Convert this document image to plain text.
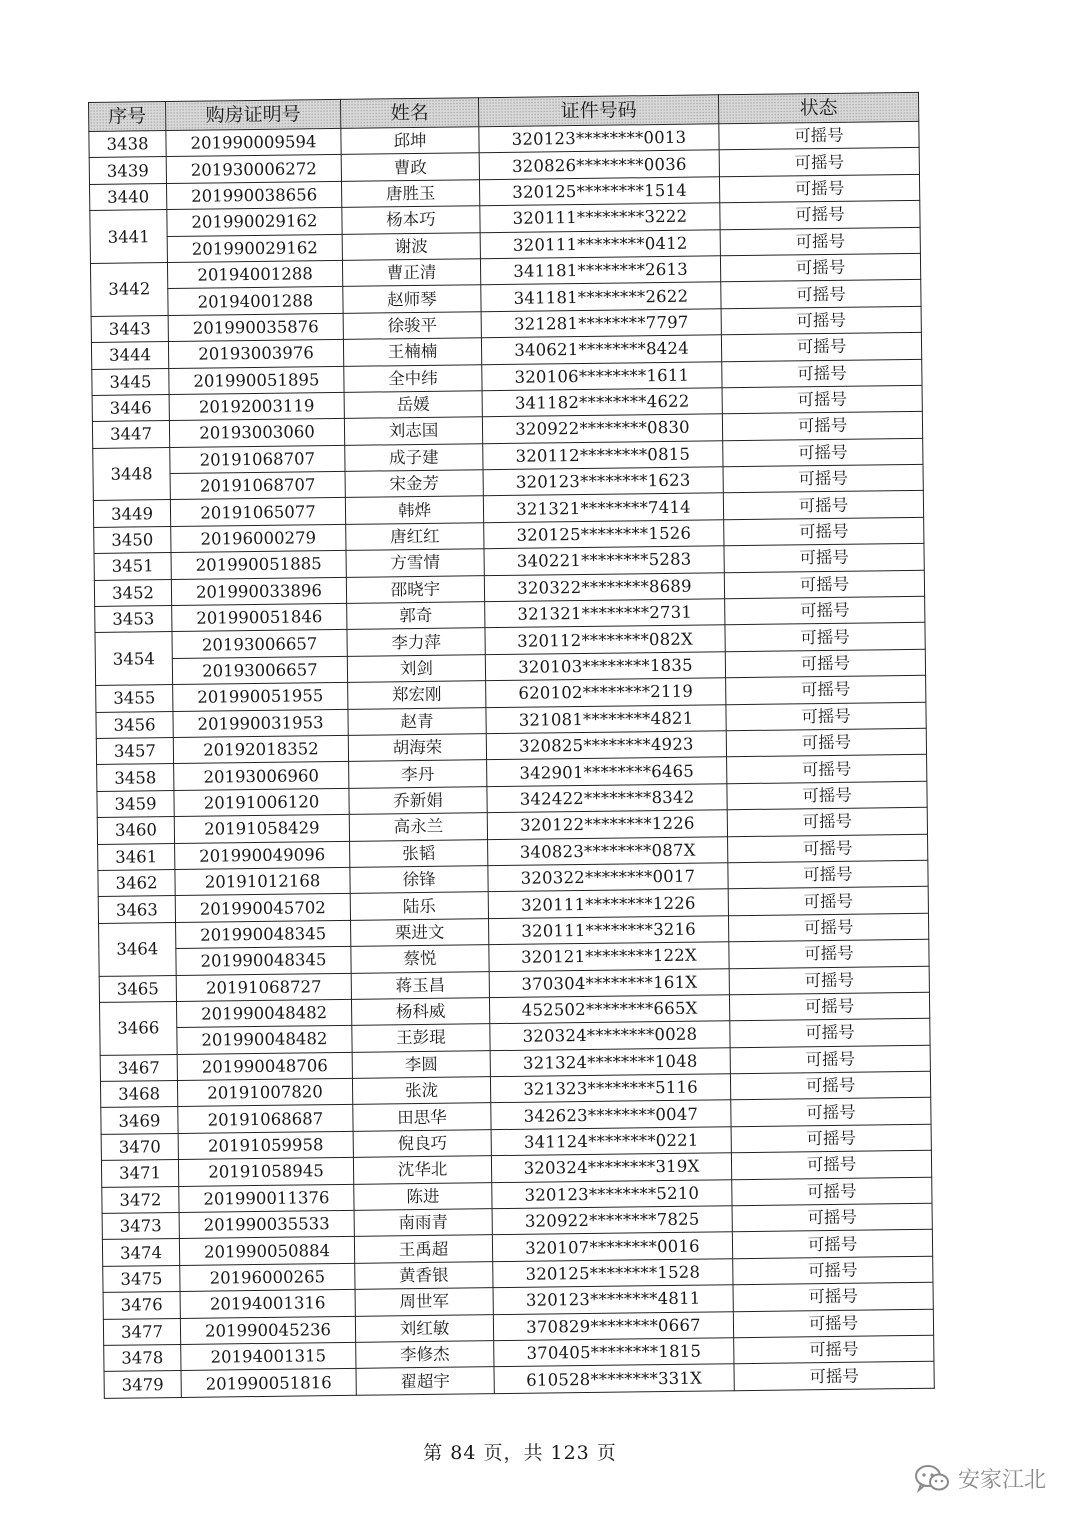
序号	购房证明号	姓名	证件号码	状态
3438	201990009594	邱坤	320123********0013	可摇号
3439	201930006272	曹政	320826********0036	可摇号
3440	201990038656	唐胜玉	320125********1514	可摇号
3441	201990029162	杨本巧	320111********3222	可摇号
	201990029162	谢波	320111********0412	可摇号
3442	20194001288	曹正清	341181********2613	可摇号
	20194001288	赵师琴	341181********2622	可摇号
3443	201990035876	徐骏平	321281********7797	可摇号
3444	20193003976	王楠楠	340621********8424	可摇号
3445	201990051895	全中纬	320106********1611	可摇号
3446	20192003119	岳媛	341182********4622	可摇号
3447	20193003060	刘志国	320922********0830	可摇号
3448	20191068707	成子建	320112********0815	可摇号
	20191068707	宋金芳	320123********1623	可摇号
3449	20191065077	韩烨	321321********7414	可摇号
3450	20196000279	唐红红	320125********1526	可摇号
3451	201990051885	方雪情	340221********5283	可摇号
3452	201990033896	邵晓宇	320322********8689	可摇号
3453	201990051846	郭奇	321321********2731	可摇号
3454	20193006657	李力萍	320112********082X	可摇号
	20193006657	刘剑	320103********1835	可摇号
3455	201990051955	郑宏刚	620102********2119	可摇号
3456	201990031953	赵青	321081********4821	可摇号
3457	20192018352	胡海荣	320825********4923	可摇号
3458	20193006960	李丹	342901********6465	可摇号
3459	20191006120	乔新娟	342422********8342	可摇号
3460	20191058429	高永兰	320122********1226	可摇号
3461	201990049096	张韬	340823********087X	可摇号
3462	20191012168	徐锋	320322********0017	可摇号
3463	201990045702	陆乐	320111********1226	可摇号
3464	201990048345	栗进文	320111********3216	可摇号
	201990048345	蔡悦	320121********122X	可摇号
3465	20191068727	蒋玉昌	370304********161X	可摇号
3466	201990048482	杨科威	452502********665X	可摇号
	201990048482	王彭琨	320324********0028	可摇号
3467	201990048706	李圆	321324********1048	可摇号
3468	20191007820	张泷	321323********5116	可摇号
3469	20191068687	田思华	342623********0047	可摇号
3470	20191059958	倪良巧	341124********0221	可摇号
3471	20191058945	沈华北	320324********319X	可摇号
3472	201990011376	陈进	320123********5210	可摇号
3473	201990035533	南雨青	320922********7825	可摇号
3474	201990050884	王禹超	320107********0016	可摇号
3475	20196000265	黄香银	320125********1528	可摇号
3476	20194001316	周世军	320123********4811	可摇号
3477	201990045236	刘红敏	370829********0667	可摇号
3478	20194001315	李修杰	370405********1815	可摇号
3479	201990051816	翟超宇	610528********331X	可摇号
第 84 页，共 123 页
安家江北
